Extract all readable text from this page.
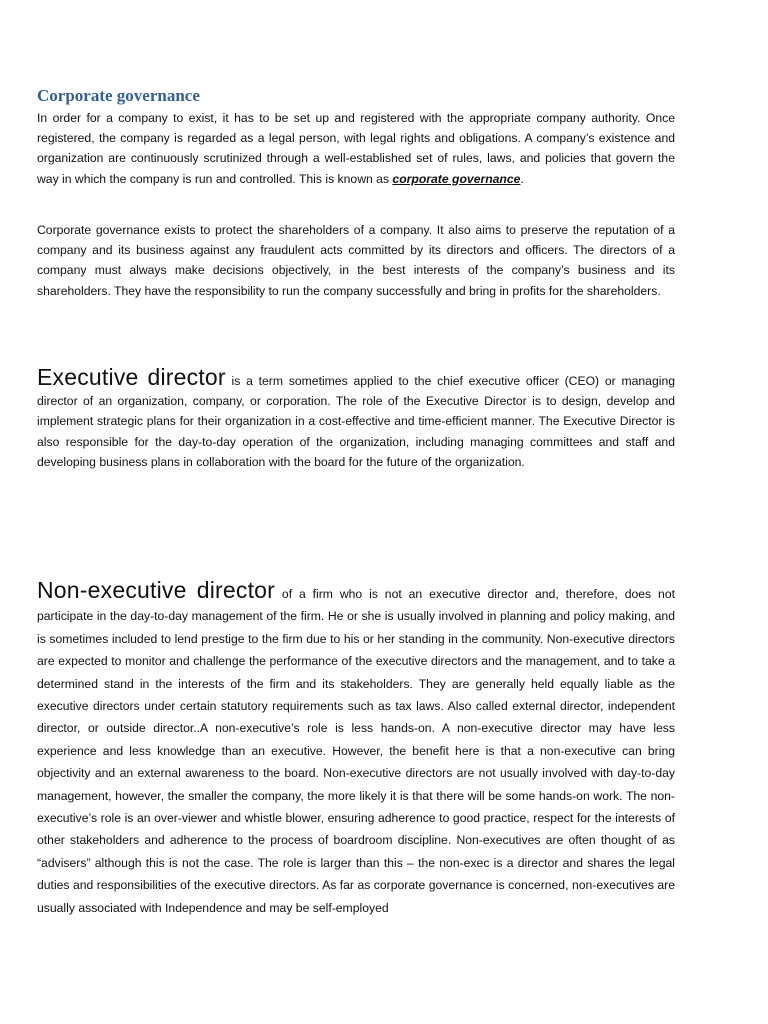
Corporate governance

In order for a company to exist, it has to be set up and registered with the appropriate company authority. Once registered, the company is regarded as a legal person, with legal rights and obligations. A company’s existence and organization are continuously scrutinized through a well-established set of rules, laws, and policies that govern the way in which the company is run and controlled. This is known as corporate governance.

Corporate governance exists to protect the shareholders of a company. It also aims to preserve the reputation of a company and its business against any fraudulent acts committed by its directors and officers. The directors of a company must always make decisions objectively, in the best interests of the company’s business and its shareholders. They have the responsibility to run the company successfully and bring in profits for the shareholders.

Executive director is a term sometimes applied to the chief executive officer (CEO) or managing director of an organization, company, or corporation. The role of the Executive Director is to design, develop and implement strategic plans for their organization in a cost-effective and time-efficient manner. The Executive Director is also responsible for the day-to-day operation of the organization, including managing committees and staff and developing business plans in collaboration with the board for the future of the organization.

Non-executive director of a firm who is not an executive director and, therefore, does not participate in the day-to-day management of the firm. He or she is usually involved in planning and policy making, and is sometimes included to lend prestige to the firm due to his or her standing in the community. Non-executive directors are expected to monitor and challenge the performance of the executive directors and the management, and to take a determined stand in the interests of the firm and its stakeholders. They are generally held equally liable as the executive directors under certain statutory requirements such as tax laws. Also called external director, independent director, or outside director..A non-executive’s role is less hands-on. A non-executive director may have less experience and less knowledge than an executive. However, the benefit here is that a non-executive can bring objectivity and an external awareness to the board. Non-executive directors are not usually involved with day-to-day management, however, the smaller the company, the more likely it is that there will be some hands-on work. The non-executive’s role is an over-viewer and whistle blower, ensuring adherence to good practice, respect for the interests of other stakeholders and adherence to the process of boardroom discipline. Non-executives are often thought of as “advisers” although this is not the case. The role is larger than this – the non-exec is a director and shares the legal duties and responsibilities of the executive directors. As far as corporate governance is concerned, non-executives are usually associated with Independence and may be self-employed
